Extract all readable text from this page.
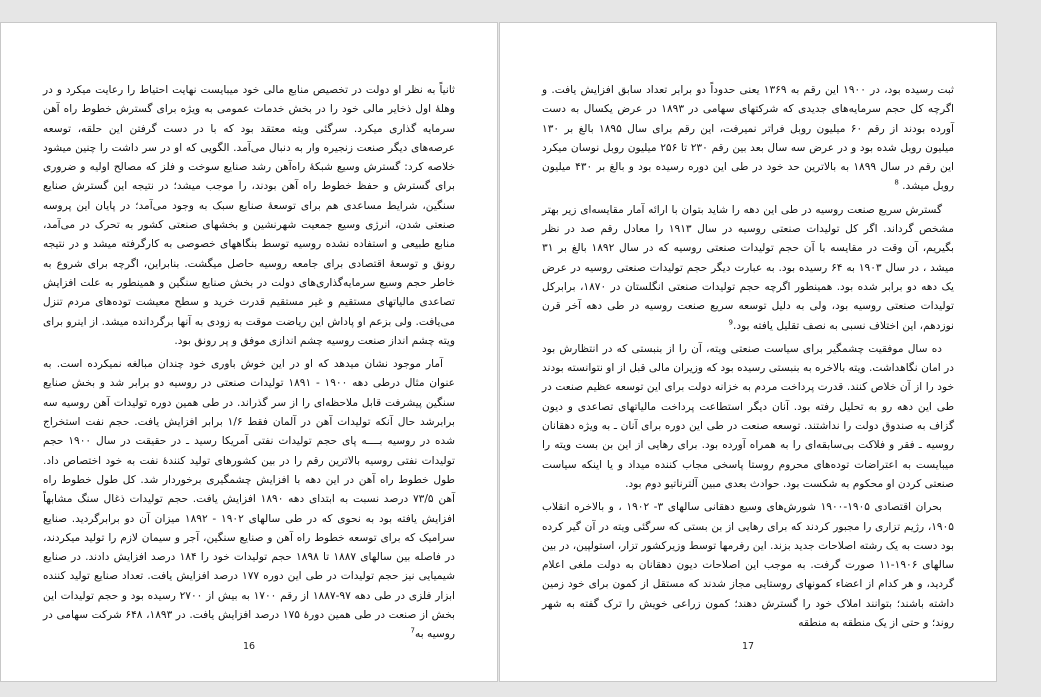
ثانیاً به نظر او دولت در تخصیص منابع مالی خود میبایست نهایت احتیاط را رعایت میکرد و در وهلهٔ اول ذخایر مالی خود را در بخش خدمات عمومی به ویژه برای گسترش خطوط راه آهن سرمایه گذاری میکرد. سرگئی ویته معتقد بود که با در دست گرفتن این حلقه، توسعه عرصه‌های دیگر صنعت زنجیره وار به دنبال می‌آمد. الگویی که او در سر داشت را چنین میشود خلاصه کرد: گسترش وسیع شبکهٔ راه‌آهن رشد صنایع سوخت و فلز که مصالح اولیه و ضروری برای گسترش و حفظ خطوط راه آهن بودند، را موجب میشد؛ در نتیجه این گسترش صنایع سنگین، شرایط مساعدی هم برای توسعهٔ صنایع سبک به وجود می‌آمد؛ در پایان این پروسه صنعتی شدن، انرژی وسیع جمعیت شهرنشین و بخشهای صنعتی کشور به تحرک در می‌آمد، منابع طبیعی و استفاده نشده روسیه توسط بنگاههای خصوصی به کارگرفته میشد و در نتیجه رونق و توسعهٔ اقتصادی برای جامعه روسیه حاصل میگشت. بنابراین، اگرچه برای شروع به خاطر حجم وسیع سرمایه‌گذاری‌های دولت در بخش صنایع سنگین و همینطور به علت افزایش تصاعدی مالیاتهای مستقیم و غیر مستقیم قدرت خرید و سطح معیشت توده‌های مردم تنزل می‌یافت. ولی بزعم او پاداش این ریاضت موقت به زودی به آنها برگردانده میشد. از اینرو برای ویته چشم انداز صنعت روسیه چشم اندازی موفق و پر رونق بود.

آمار موجود نشان میدهد که او در این خوش باوری خود چندان مبالغه نمیکرده است. به عنوان مثال درطی دهه ۱۹۰۰ - ۱۸۹۱ تولیدات صنعتی در روسیه دو برابر شد و بخش صنایع سنگین پیشرفت قابل ملاحظه‌ای را از سر گذراند. در طی همین دوره تولیدات آهن روسیه سه برابرشد حال آنکه تولیدات آهن در آلمان فقط ۱/۶ برابر افزایش یافت. حجم نفت استخراج شده در روسیه بــــه پای حجم تولیدات نفتی آمریکا رسید ـ در حقیقت در سال ۱۹۰۰ حجم تولیدات نفتی روسیه بالاترین رقم را در بین کشورهای تولید کنندهٔ نفت به خود اختصاص داد. طول خطوط راه آهن در این دهه با افزایش چشمگیری برخوردار شد. کل طول خطوط راه آهن ۷۳/۵ درصد نسبت به ابتدای دهه ۱۸۹۰ افزایش یافت. حجم تولیدات ذغال سنگ مشابهاً افزایش یافته بود به نحوی که در طی سالهای ۱۹۰۲ - ۱۸۹۲ میزان آن دو برابرگردید. صنایع سرامیک که برای توسعه خطوط راه آهن و صنایع سنگین، آجر و سیمان لازم را تولید میکردند، در فاصله بین سالهای ۱۸۸۷ تا ۱۸۹۸ حجم تولیدات خود را ۱۸۴ درصد افزایش دادند. در صنایع شیمیایی نیز حجم تولیدات در طی این دوره ۱۷۷ درصد افزایش یافت. تعداد صنایع تولید کننده ابزار فلزی در طی دهه ۹۷-۱۸۸۷ از رقم ۱۷۰۰ به بیش از ۲۷۰۰ رسیده بود و حجم تولیدات این بخش از صنعت در طی همین دورهٔ ۱۷۵ درصد افزایش یافت. در ۱۸۹۳، ۶۴۸ شرکت سهامی در روسیه به$^7$

16

ثبت رسیده بود، در ۱۹۰۰ این رقم به ۱۳۶۹ یعنی حدوداً دو برابر تعداد سابق افزایش یافت. و اگرچه کل حجم سرمایه‌های جدیدی که شرکتهای سهامی در ۱۸۹۳ در عرض یکسال به دست آورده بودند از رقم ۶۰ میلیون روبل فراتر نمیرفت، این رقم برای سال ۱۸۹۵ بالغ بر ۱۳۰ میلیون روبل شده بود و در عرض سه سال بعد بین رقم ۲۳۰ تا ۲۵۶ میلیون روبل نوسان میکرد این رقم در سال ۱۸۹۹ به بالاترین حد خود در طی این دوره رسیده بود و بالغ بر ۴۳۰ میلیون روبل میشد. $^8$

گسترش سریع صنعت روسیه در طی این دهه را شاید بتوان با ارائه آمار مقایسه‌ای زیر بهتر مشخص گرداند. اگر کل تولیدات صنعتی روسیه در سال ۱۹۱۳ را معادل رقم صد در نظر بگیریم، آن وقت در مقایسه با آن حجم تولیدات صنعتی روسیه که در سال ۱۸۹۲ بالغ بر ۳۱ میشد ، در سال ۱۹۰۳ به ۶۴ رسیده بود. به عبارت دیگر حجم تولیدات صنعتی روسیه در عرض یک دهه دو برابر شده بود. همینطور اگرچه حجم تولیدات صنعتی انگلستان در ۱۸۷۰، برابرکل تولیدات صنعتی روسیه بود، ولی به دلیل توسعه سریع صنعت روسیه در طی دهه آخر قرن نوزدهم، این اختلاف نسبی به نصف تقلیل یافته بود.$^9$

ده سال موفقیت چشمگیر برای سیاست صنعتی ویته، آن را از بنبستی که در انتظارش بود در امان نگاهداشت. ویته بالاخره به بنبستی رسیده بود که وزیران مالی قبل از او نتوانسته بودند خود را از آن خلاص کنند. قدرت پرداخت مردم به خزانه دولت برای این توسعه عظیم صنعت در طی این دهه رو به تحلیل رفته بود. آنان دیگر استطاعت پرداخت مالیاتهای تصاعدی و دیون گزاف به صندوق دولت را نداشتند. توسعه صنعت در طی این دوره برای آنان ـ به ویژه دهقانان روسیه ـ فقر و فلاکت بی‌سابقه‌ای را به همراه آورده بود. برای رهایی از این بن بست ویته را میبایست به اعتراضات توده‌های محروم روستا پاسخی مجاب کننده میداد و یا اینکه سیاست صنعتی کردن او محکوم به شکست بود. حوادث بعدی مبین آلترناتیو دوم بود.

بحران اقتصادی ۱۹۰۵-۱۹۰۰ شورش‌های وسیع دهقانی سالهای ۳- ۱۹۰۲ ، و بالاخره انقلاب ۱۹۰۵، رژیم تزاری را مجبور کردند که برای رهایی از بن بستی که سرگئی ویته در آن گیر کرده بود دست به یک رشته اصلاحات جدید بزند. این رفرمها توسط وزیرکشور تزار، استولپین، در بین سالهای ۱۹۰۶-۱۱ صورت گرفت. به موجب این اصلاحات دیون دهقانان به دولت ملغی اعلام گردید، و هر کدام از اعضاء کمونهای روستایی مجاز شدند که مستقل از کمون برای خود زمین داشته باشند؛ بتوانند املاک خود را گسترش دهند؛ کمون زراعی خویش را ترک گفته به شهر روند؛ و حتی از یک منطقه به منطقه

17
